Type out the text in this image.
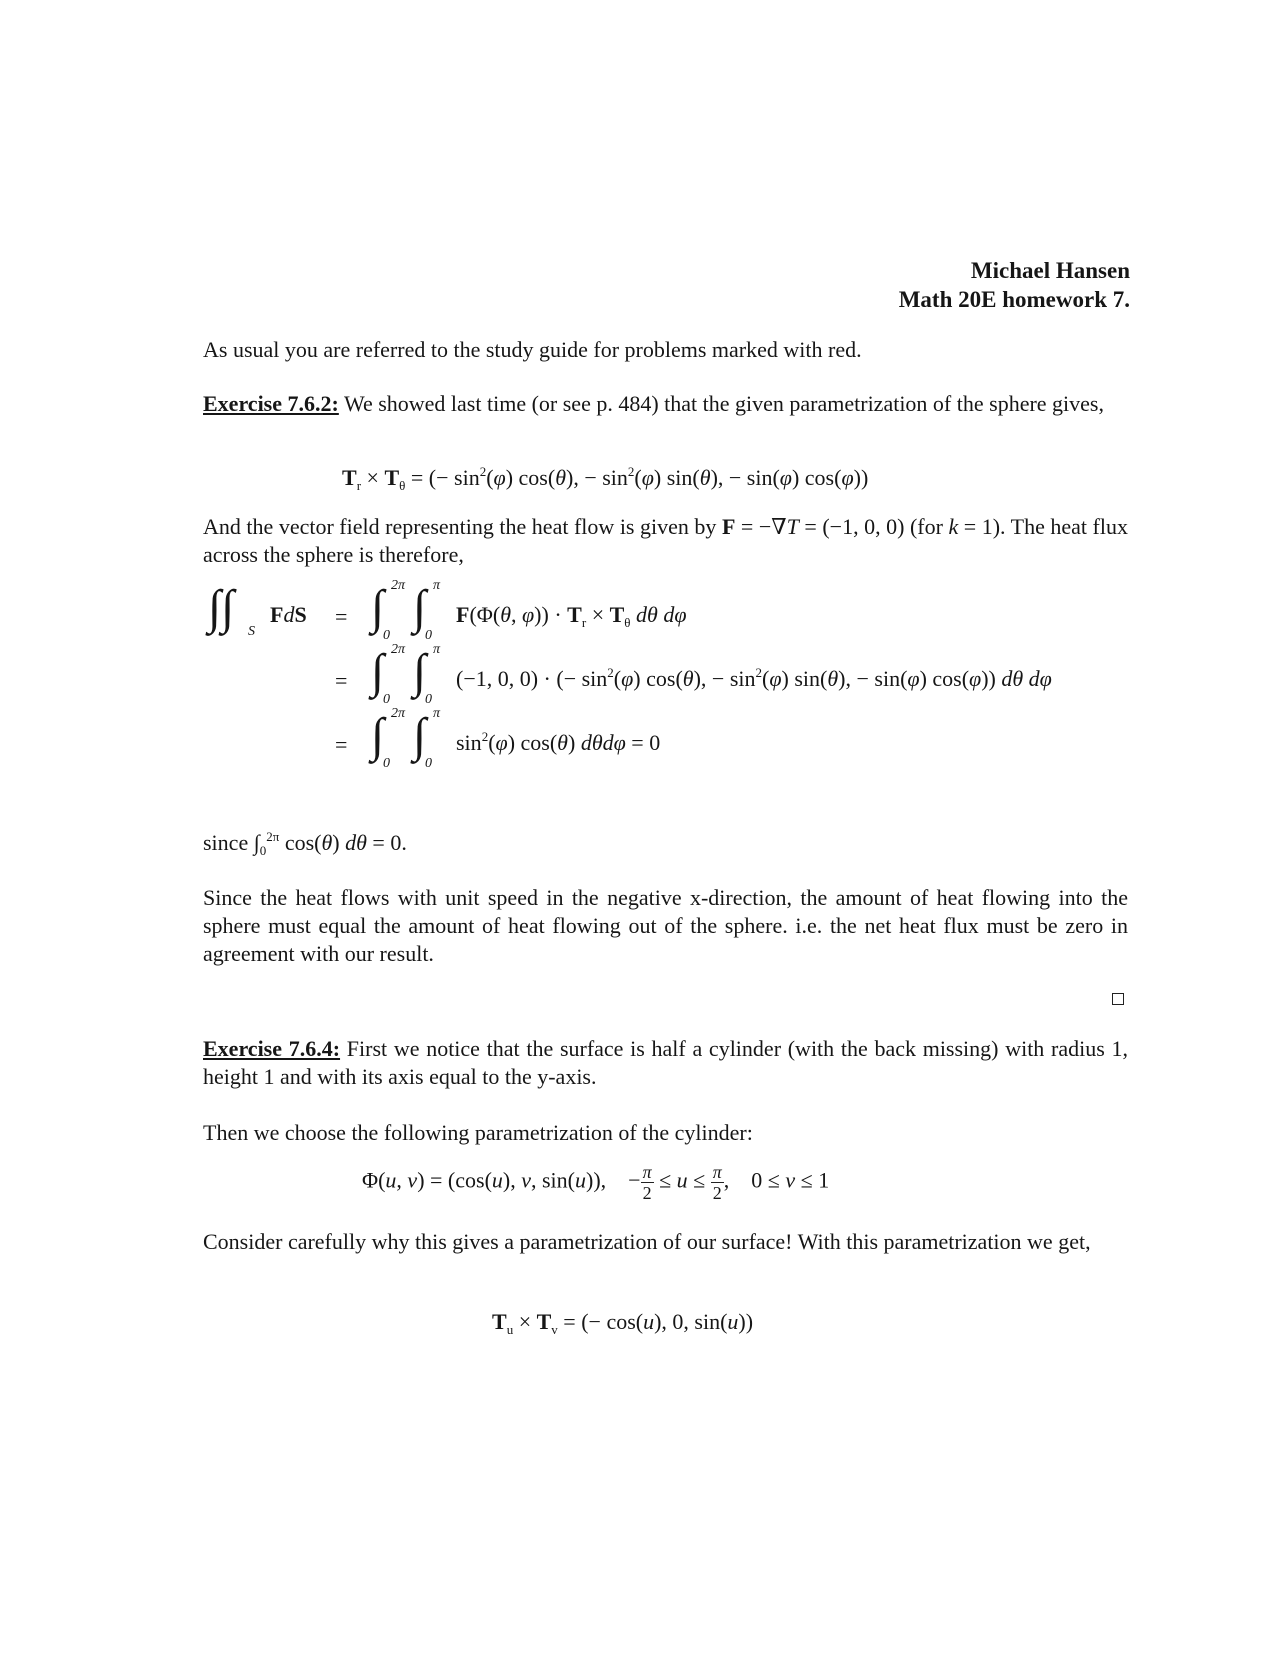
Michael Hansen
Math 20E homework 7.
As usual you are referred to the study guide for problems marked with red.
Exercise 7.6.2: We showed last time (or see p. 484) that the given parametrization of the sphere gives,
$T_r \times T_\theta$ = (− $\sin^2(\varphi) \cos(\theta)$, − $\sin^2(\varphi) \sin(\theta)$, − sin(φ) cos(φ))
And the vector field representing the heat flow is given by F = −∇T = (−1, 0, 0) (for k = 1). The heat flux across the sphere is therefore,
∫∫ S
FdS =
2π
∫
0
π
∫
0
F(Φ(θ, $\varphi)) \cdot T_r \times T_\theta$ dθ dφ
=
2π
∫
0
π
∫
0
(−1, 0, 0) · (− $\sin^2(\varphi) \cos(\theta)$, − $\sin^2(\varphi) \sin(\theta)$, − sin(φ) cos(φ)) dθ dφ
=
2π
∫
0
π
∫
0
$\sin^2(\varphi)$ cos(θ) dθdφ = 0
since $\int_0^{2\pi}$ cos(θ) dθ = 0.
Since the heat flows with unit speed in the negative x-direction, the amount of heat flowing into the sphere must equal the amount of heat flowing out of the sphere. i.e. the net heat flux must be zero in agreement with our result.
Exercise 7.6.4: First we notice that the surface is half a cylinder (with the back missing) with radius 1, height 1 and with its axis equal to the y-axis.
Then we choose the following parametrization of the cylinder:
Φ(u, v) = (cos(u), v, sin(u)),    − $\frac{\pi}{2} \le u \le \frac{\pi}{2}$ ,    0 ≤ v ≤ 1
Consider carefully why this gives a parametrization of our surface! With this parametrization we get,
$T_u \times T_v$ = (− cos(u), 0, sin(u))
